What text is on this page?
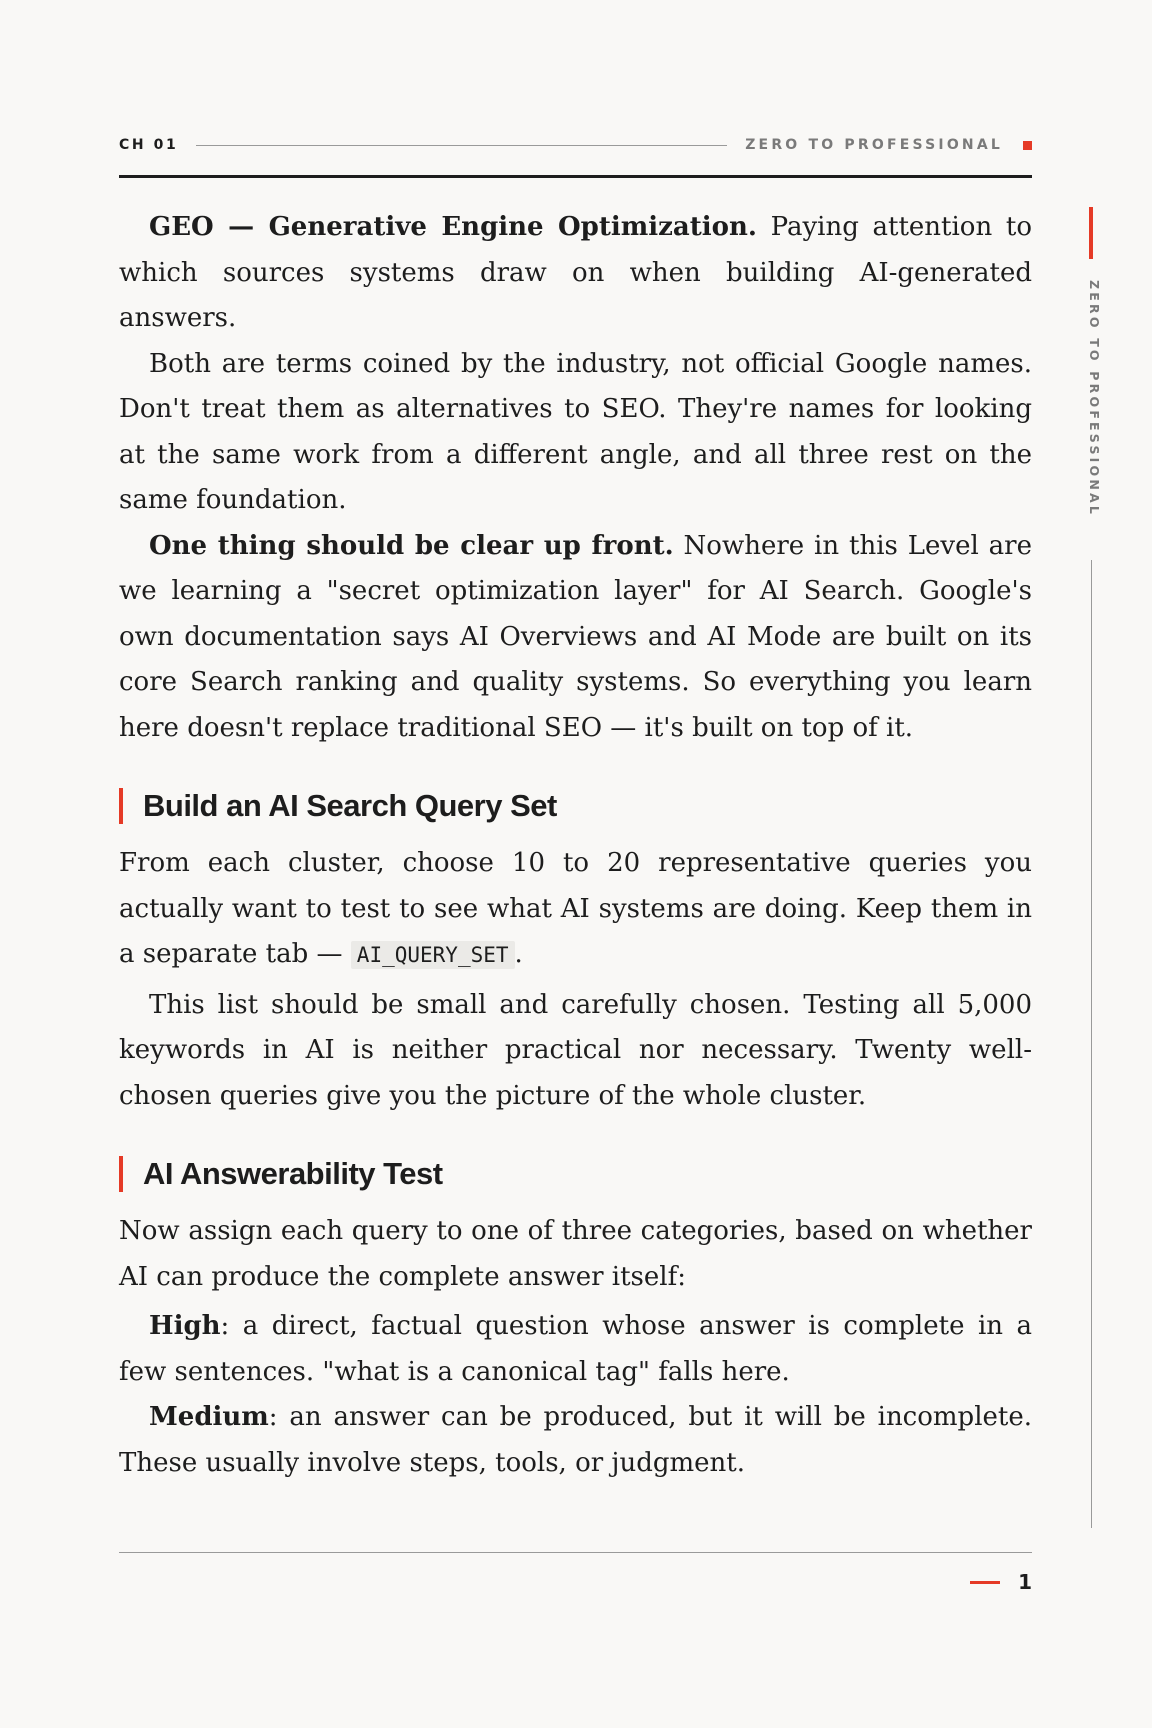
CH 01	ZERO TO PROFESSIONAL
ZERO TO PROFESSIONAL

GEO — Generative Engine Optimization. Paying attention to which sources systems draw on when building AI-generated answers.

Both are terms coined by the industry, not official Google names. Don't treat them as alternatives to SEO. They're names for looking at the same work from a different angle, and all three rest on the same foundation.

One thing should be clear up front. Nowhere in this Level are we learning a "secret optimization layer" for AI Search. Google's own documentation says AI Overviews and AI Mode are built on its core Search ranking and quality systems. So everything you learn here doesn't replace traditional SEO — it's built on top of it.

Build an AI Search Query Set

From each cluster, choose 10 to 20 representative queries you actually want to test to see what AI systems are doing. Keep them in a separate tab — AI_QUERY_SET .

This list should be small and carefully chosen. Testing all 5,000 keywords in AI is neither practical nor necessary. Twenty well-chosen queries give you the picture of the whole cluster.

AI Answerability Test

Now assign each query to one of three categories, based on whether AI can produce the complete answer itself:

High: a direct, factual question whose answer is complete in a few sentences. "what is a canonical tag" falls here.

Medium: an answer can be produced, but it will be incomplete. These usually involve steps, tools, or judgment.

1
